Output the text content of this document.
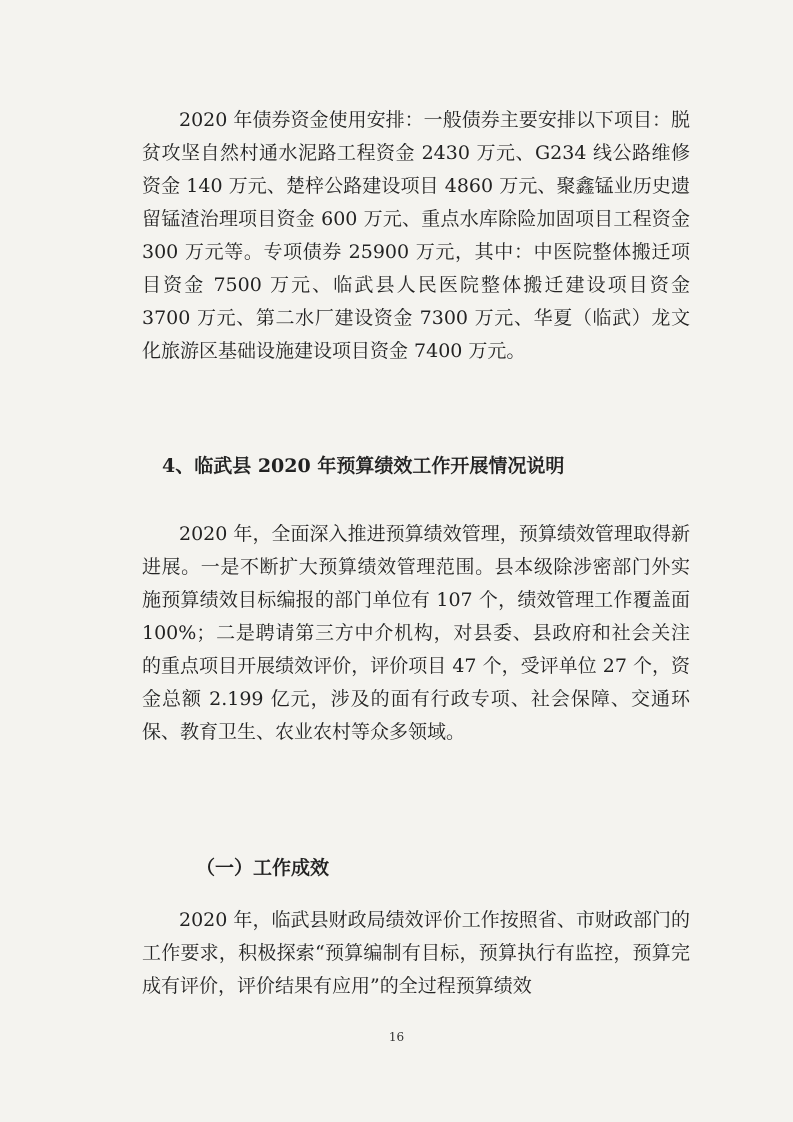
2020 年债券资金使用安排：一般债券主要安排以下项目：脱贫攻坚自然村通水泥路工程资金 2430 万元、G234 线公路维修资金 140 万元、楚梓公路建设项目 4860 万元、聚鑫锰业历史遗留锰渣治理项目资金 600 万元、重点水库除险加固项目工程资金 300 万元等。专项债券 25900 万元，其中：中医院整体搬迁项目资金 7500 万元、临武县人民医院整体搬迁建设项目资金 3700 万元、第二水厂建设资金 7300 万元、华夏（临武）龙文化旅游区基础设施建设项目资金 7400 万元。

4、临武县 2020 年预算绩效工作开展情况说明

2020 年，全面深入推进预算绩效管理，预算绩效管理取得新进展。一是不断扩大预算绩效管理范围。县本级除涉密部门外实施预算绩效目标编报的部门单位有 107 个，绩效管理工作覆盖面 100%；二是聘请第三方中介机构，对县委、县政府和社会关注的重点项目开展绩效评价，评价项目 47 个，受评单位 27 个，资金总额 2.199 亿元，涉及的面有行政专项、社会保障、交通环保、教育卫生、农业农村等众多领域。

（一）工作成效

2020 年，临武县财政局绩效评价工作按照省、市财政部门的工作要求，积极探索“预算编制有目标，预算执行有监控，预算完成有评价，评价结果有应用”的全过程预算绩效

16
